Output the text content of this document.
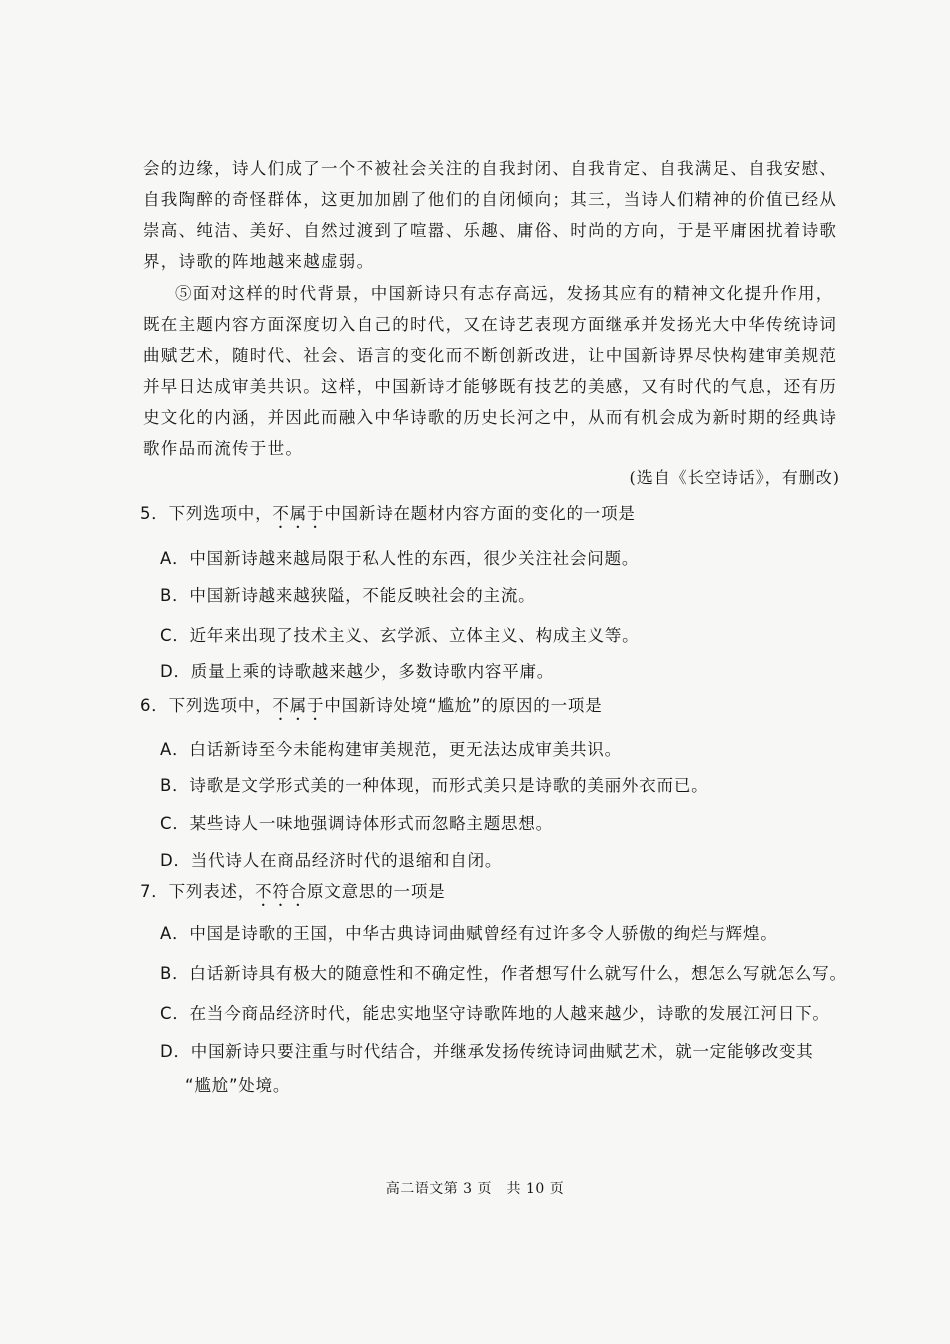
会的边缘，诗人们成了一个不被社会关注的自我封闭、自我肯定、自我满足、自我安慰、
自我陶醉的奇怪群体，这更加加剧了他们的自闭倾向；其三，当诗人们精神的价值已经从
崇高、纯洁、美好、自然过渡到了喧嚣、乐趣、庸俗、时尚的方向，于是平庸困扰着诗歌
界，诗歌的阵地越来越虚弱。
⑤面对这样的时代背景，中国新诗只有志存高远，发扬其应有的精神文化提升作用，
既在主题内容方面深度切入自己的时代，又在诗艺表现方面继承并发扬光大中华传统诗词
曲赋艺术，随时代、社会、语言的变化而不断创新改进，让中国新诗界尽快构建审美规范
并早日达成审美共识。这样，中国新诗才能够既有技艺的美感，又有时代的气息，还有历
史文化的内涵，并因此而融入中华诗歌的历史长河之中，从而有机会成为新时期的经典诗
歌作品而流传于世。
(选自《长空诗话》，有删改)
5．下列选项中，不属于中国新诗在题材内容方面的变化的一项是
A．中国新诗越来越局限于私人性的东西，很少关注社会问题。
B．中国新诗越来越狭隘，不能反映社会的主流。
C．近年来出现了技术主义、玄学派、立体主义、构成主义等。
D．质量上乘的诗歌越来越少，多数诗歌内容平庸。
6．下列选项中，不属于中国新诗处境“尴尬”的原因的一项是
A．白话新诗至今未能构建审美规范，更无法达成审美共识。
B．诗歌是文学形式美的一种体现，而形式美只是诗歌的美丽外衣而已。
C．某些诗人一味地强调诗体形式而忽略主题思想。
D．当代诗人在商品经济时代的退缩和自闭。
7．下列表述，不符合原文意思的一项是
A．中国是诗歌的王国，中华古典诗词曲赋曾经有过许多令人骄傲的绚烂与辉煌。
B．白话新诗具有极大的随意性和不确定性，作者想写什么就写什么，想怎么写就怎么写。
C．在当今商品经济时代，能忠实地坚守诗歌阵地的人越来越少，诗歌的发展江河日下。
D．中国新诗只要注重与时代结合，并继承发扬传统诗词曲赋艺术，就一定能够改变其
“尴尬”处境。
高二语文第 3 页　共 10 页
